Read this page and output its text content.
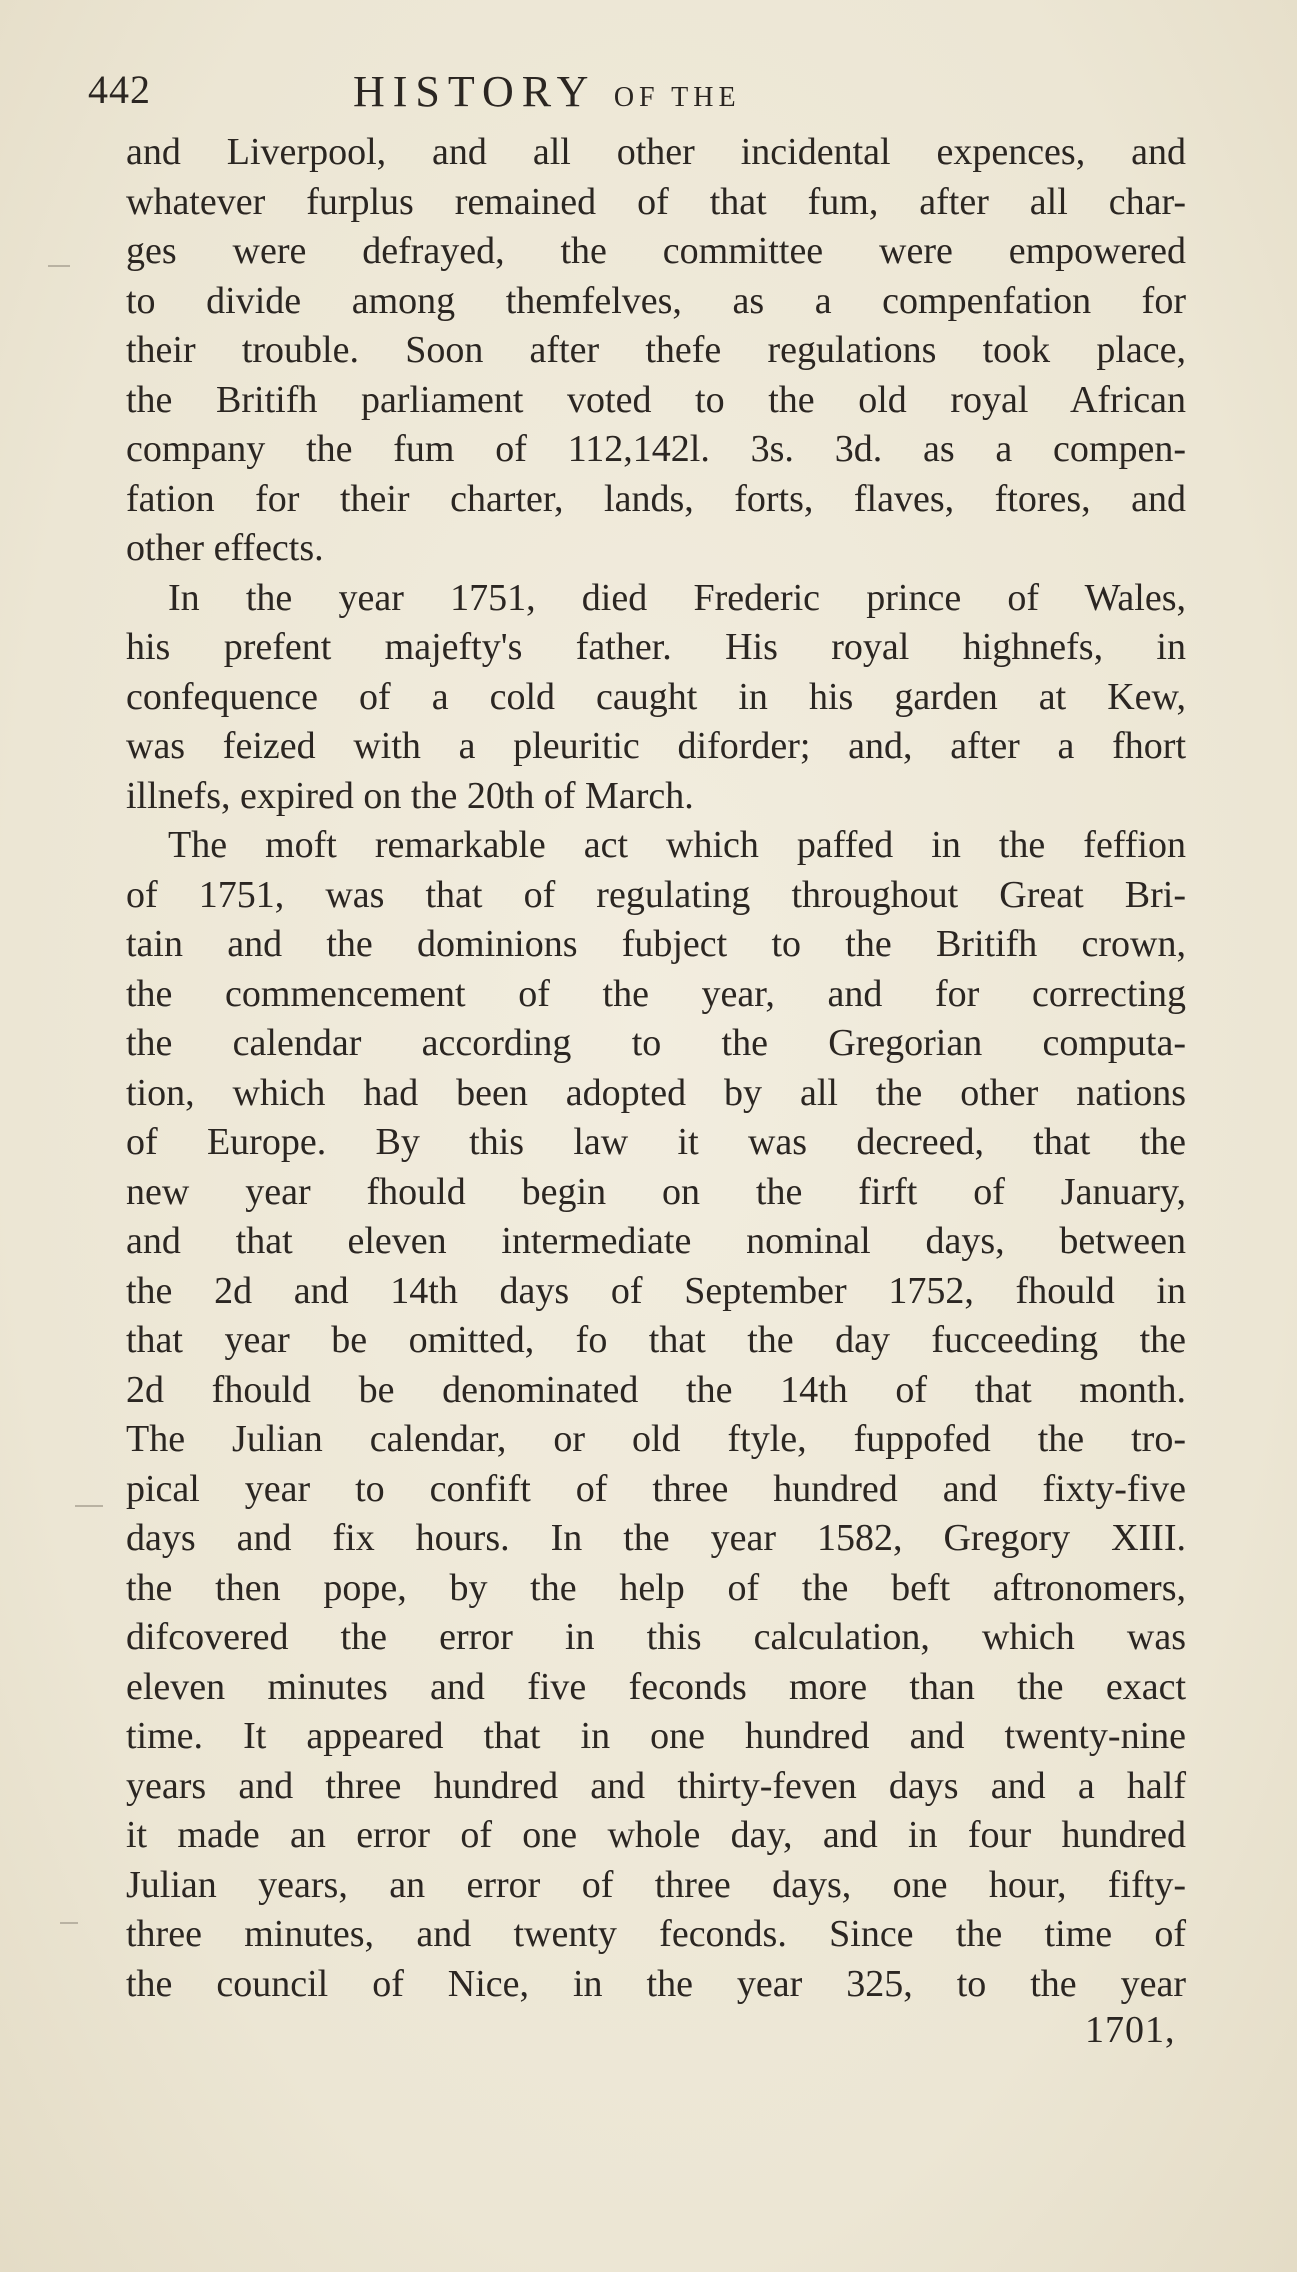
442	HISTORY OF THE
and Liverpool, and all other incidental expences, and
whatever furplus remained of that fum, after all char-
ges were defrayed, the committee were empowered
to divide among themfelves, as a compenfation for
their trouble. Soon after thefe regulations took place,
the Britifh parliament voted to the old royal African
company the fum of 112,142l. 3s. 3d. as a compen-
fation for their charter, lands, forts, flaves, ftores, and
other effects.
In the year 1751, died Frederic prince of Wales,
his prefent majefty's father. His royal highnefs, in
confequence of a cold caught in his garden at Kew,
was feized with a pleuritic diforder; and, after a fhort
illnefs, expired on the 20th of March.
The moft remarkable act which paffed in the feffion
of 1751, was that of regulating throughout Great Bri-
tain and the dominions fubject to the Britifh crown,
the commencement of the year, and for correcting
the calendar according to the Gregorian computa-
tion, which had been adopted by all the other nations
of Europe. By this law it was decreed, that the
new year fhould begin on the firft of January,
and that eleven intermediate nominal days, between
the 2d and 14th days of September 1752, fhould in
that year be omitted, fo that the day fucceeding the
2d fhould be denominated the 14th of that month.
The Julian calendar, or old ftyle, fuppofed the tro-
pical year to confift of three hundred and fixty-five
days and fix hours. In the year 1582, Gregory XIII.
the then pope, by the help of the beft aftronomers,
difcovered the error in this calculation, which was
eleven minutes and five feconds more than the exact
time. It appeared that in one hundred and twenty-nine
years and three hundred and thirty-feven days and a half
it made an error of one whole day, and in four hundred
Julian years, an error of three days, one hour, fifty-
three minutes, and twenty feconds. Since the time of
the council of Nice, in the year 325, to the year
1701,
